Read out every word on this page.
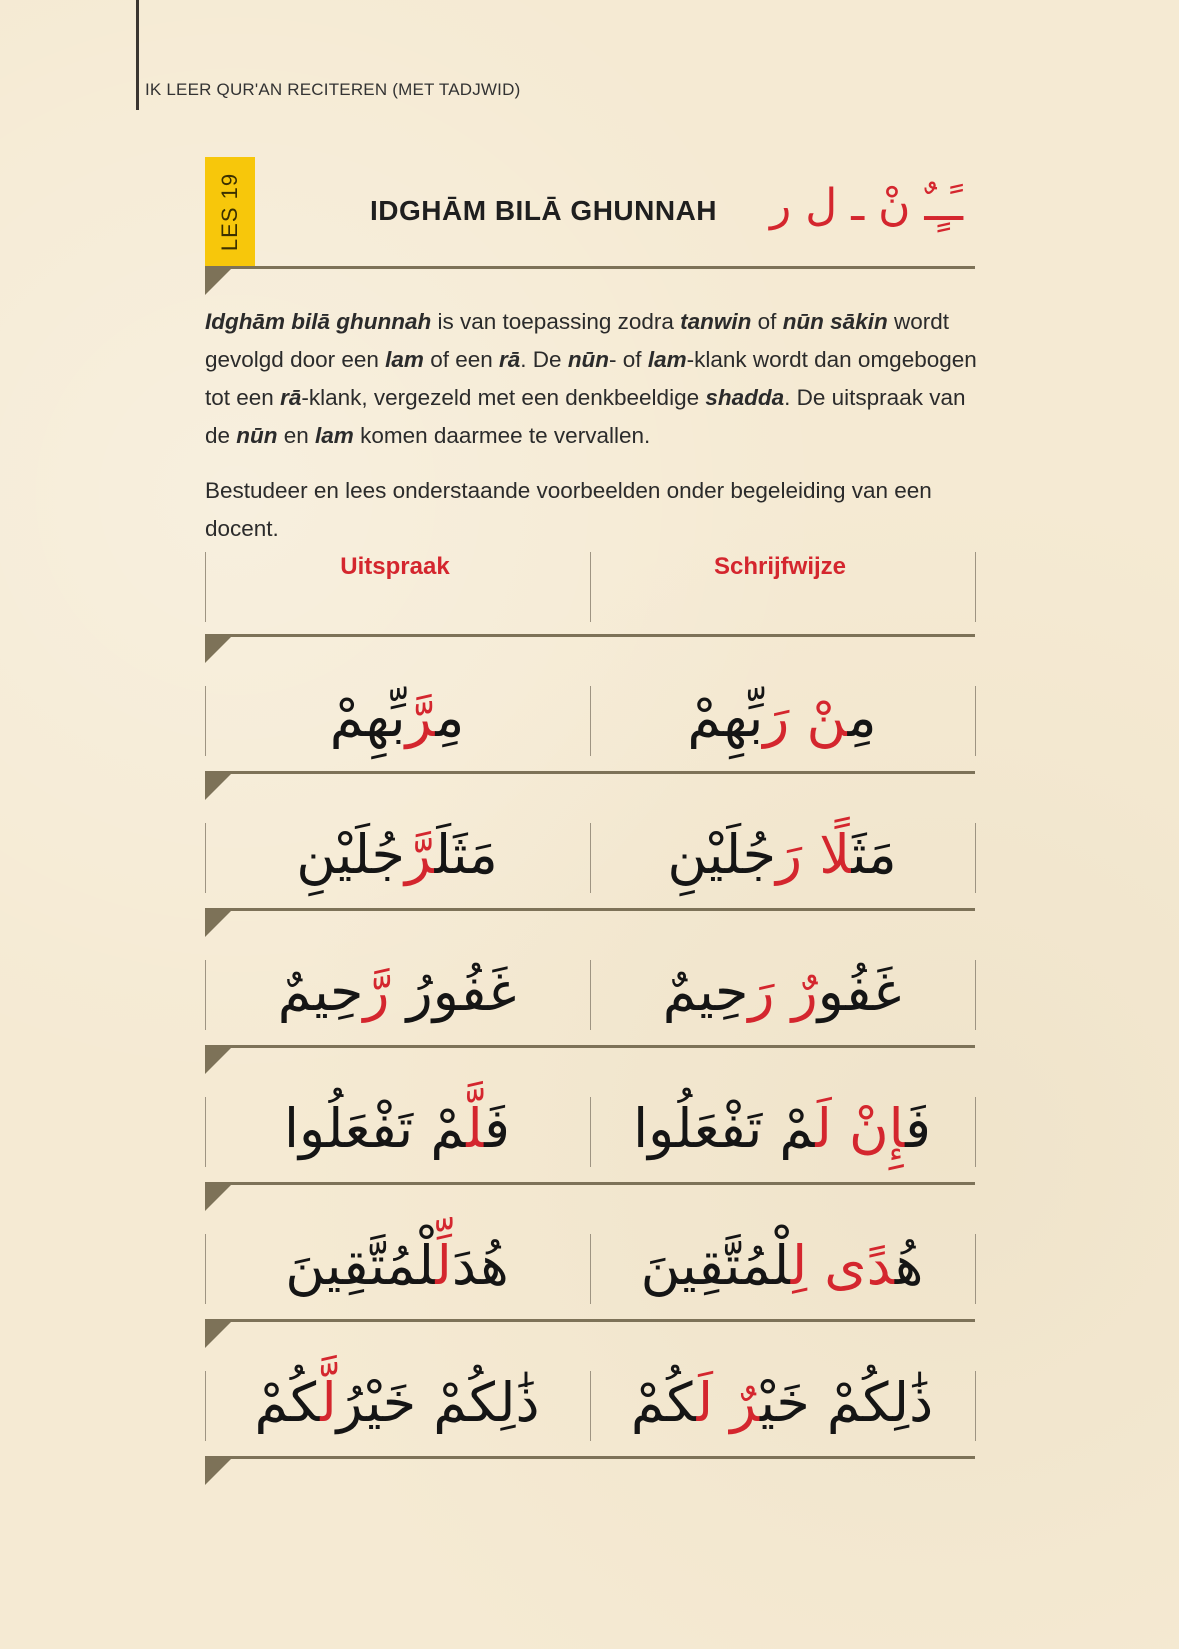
IK LEER QUR'AN RECITEREN (MET TADJWID)
LES 19	IDGHĀM BILĀ GHUNNAH ـًـٍـٌ نْ ـ ل ر
Idghām bilā ghunnah is van toepassing zodra tanwin of nūn sākin wordt gevolgd door een lam of een rā. De nūn- of lam-klank wordt dan omgebogen tot een rā-klank, vergezeld met een denkbeeldige shadda. De uitspraak van de nūn en lam komen daarmee te vervallen.
Bestudeer en lees onderstaande voorbeelden onder begeleiding van een docent.
Uitspraak	Schrijfwijze
مِرَّبِّهِمْ	مِنْ رَبِّهِمْ
مَثَلَرَّجُلَيْنِ	مَثَلًا رَجُلَيْنِ
غَفُورُ رَّحِيمٌ	غَفُورٌ رَحِيمٌ
فَلَّمْ تَفْعَلُوا	فَإِنْ لَمْ تَفْعَلُوا
هُدَلِّلْمُتَّقِينَ	هُدًى لِلْمُتَّقِينَ
ذَٰلِكُمْ خَيْرُلَّكُمْ	ذَٰلِكُمْ خَيْرٌ لَكُمْ
